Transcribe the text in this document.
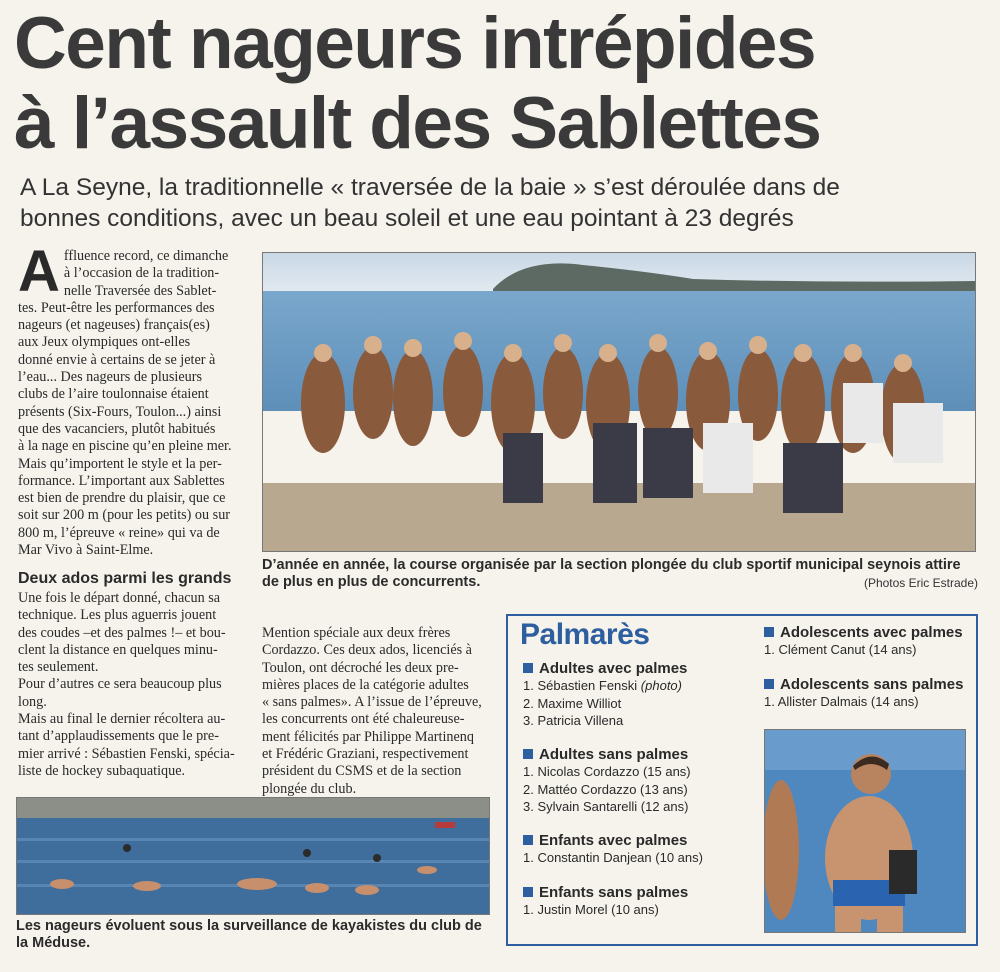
Cent nageurs intrépides
à l’assault des Sablettes
A La Seyne, la traditionnelle « traversée de la baie » s’est déroulée dans de
bonnes conditions, avec un beau soleil et une eau pointant à 23 degrés
A ffluence record, ce dimanche
à l’occasion de la tradition-
nelle Traversée des Sablet-
tes. Peut-être les performances des
nageurs (et nageuses) français(es)
aux Jeux olympiques ont-elles
donné envie à certains de se jeter à
l’eau... Des nageurs de plusieurs
clubs de l’aire toulonnaise étaient
présents (Six-Fours, Toulon...) ainsi
que des vacanciers, plutôt habitués
à la nage en piscine qu’en pleine mer.
Mais qu’importent le style et la per-
formance. L’important aux Sablettes
est bien de prendre du plaisir, que ce
soit sur 200 m (pour les petits) ou sur
800 m, l’épreuve « reine» qui va de
Mar Vivo à Saint-Elme.
D’année en année, la course organisée par la section plongée du club sportif municipal seynois attire
de plus en plus de concurrents.	(Photos Eric Estrade)
Deux ados parmi les grands
Une fois le départ donné, chacun sa
technique. Les plus aguerris jouent
des coudes –et des palmes !– et bou-
clent la distance en quelques minu-
tes seulement.
Pour d’autres ce sera beaucoup plus
long.
Mais au final le dernier récoltera au-
tant d’applaudissements que le pre-
mier arrivé : Sébastien Fenski, spécia-
liste de hockey subaquatique.
Mention spéciale aux deux frères
Cordazzo. Ces deux ados, licenciés à
Toulon, ont décroché les deux pre-
mières places de la catégorie adultes
« sans palmes». A l’issue de l’épreuve,
les concurrents ont été chaleureuse-
ment félicités par Philippe Martinenq
et Frédéric Graziani, respectivement
président du CSMS et de la section
plongée du club.
Les nageurs évoluent sous la surveillance de kayakistes du club de
la Méduse.
Palmarès
Adultes avec palmes
1. Sébastien Fenski (photo)
2. Maxime Williot
3. Patricia Villena
Adultes sans palmes
1. Nicolas Cordazzo (15 ans)
2. Mattéo Cordazzo (13 ans)
3. Sylvain Santarelli (12 ans)
Enfants avec palmes
1. Constantin Danjean (10 ans)
Enfants sans palmes
1. Justin Morel (10 ans)
Adolescents avec palmes
1. Clément Canut (14 ans)
Adolescents sans palmes
1. Allister Dalmais (14 ans)
